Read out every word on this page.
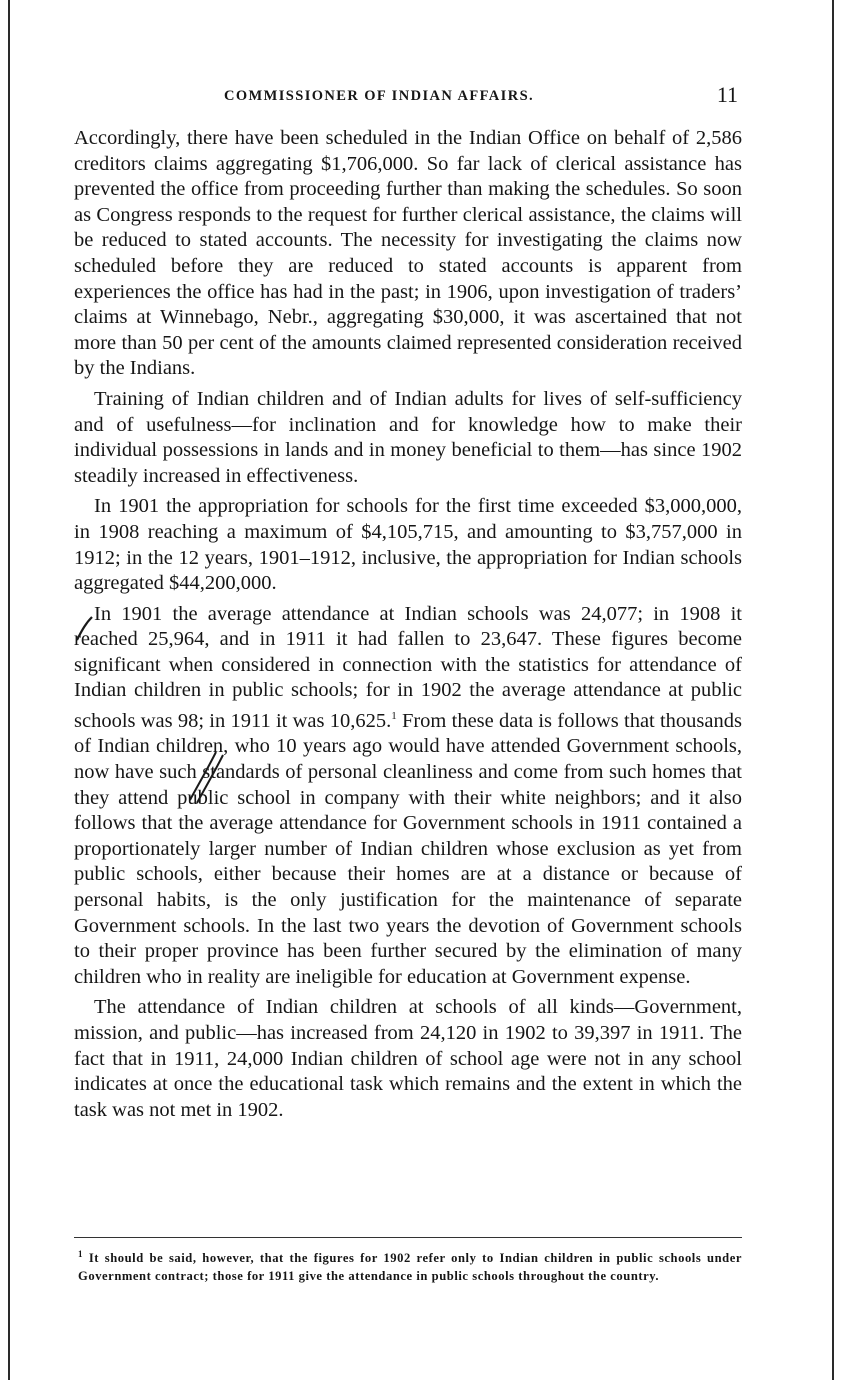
COMMISSIONER OF INDIAN AFFAIRS.	11

Accordingly, there have been scheduled in the Indian Office on behalf of 2,586 creditors claims aggregating $1,706,000. So far lack of clerical assistance has prevented the office from proceeding further than making the schedules. So soon as Congress responds to the request for further clerical assistance, the claims will be reduced to stated accounts. The necessity for investigating the claims now scheduled before they are reduced to stated accounts is apparent from experiences the office has had in the past; in 1906, upon investigation of traders’ claims at Winnebago, Nebr., aggregating $30,000, it was ascertained that not more than 50 per cent of the amounts claimed represented consideration received by the Indians.

Training of Indian children and of Indian adults for lives of self-sufficiency and of usefulness—for inclination and for knowledge how to make their individual possessions in lands and in money beneficial to them—has since 1902 steadily increased in effectiveness.

In 1901 the appropriation for schools for the first time exceeded $3,000,000, in 1908 reaching a maximum of $4,105,715, and amounting to $3,757,000 in 1912; in the 12 years, 1901–1912, inclusive, the appropriation for Indian schools aggregated $44,200,000.

In 1901 the average attendance at Indian schools was 24,077; in 1908 it reached 25,964, and in 1911 it had fallen to 23,647. These figures become significant when considered in connection with the statistics for attendance of Indian children in public schools; for in 1902 the average attendance at public schools was 98; in 1911 it was 10,625.$^1$ From these data is follows that thousands of Indian children, who 10 years ago would have attended Government schools, now have such standards of personal cleanliness and come from such homes that they attend public school in company with their white neighbors; and it also follows that the average attendance for Government schools in 1911 contained a proportionately larger number of Indian children whose exclusion as yet from public schools, either because their homes are at a distance or because of personal habits, is the only justification for the maintenance of separate Government schools. In the last two years the devotion of Government schools to their proper province has been further secured by the elimination of many children who in reality are ineligible for education at Government expense.

The attendance of Indian children at schools of all kinds—Government, mission, and public—has increased from 24,120 in 1902 to 39,397 in 1911. The fact that in 1911, 24,000 Indian children of school age were not in any school indicates at once the educational task which remains and the extent in which the task was not met in 1902.

$^1$ It should be said, however, that the figures for 1902 refer only to Indian children in public schools under Government contract; those for 1911 give the attendance in public schools throughout the country.
